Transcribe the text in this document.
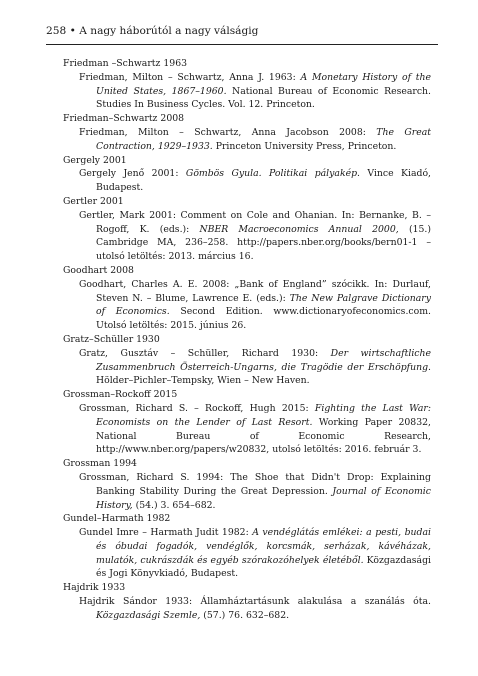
258 • A nagy háborútól a nagy válságig

Friedman –Schwartz 1963

Friedman, Milton – Schwartz, Anna J. 1963: A Monetary History of the United States, 1867–1960. National Bureau of Economic Research. Studies In Business Cycles. Vol. 12. Princeton.

Friedman–Schwartz 2008

Friedman, Milton – Schwartz, Anna Jacobson 2008: The Great Contraction, 1929–1933. Princeton University Press, Princeton.

Gergely 2001

Gergely Jenő 2001: Gömbös Gyula. Politikai pályakép. Vince Kiadó, Budapest.

Gertler 2001

Gertler, Mark 2001: Comment on Cole and Ohanian. In: Bernanke, B. – Rogoff, K. (eds.): NBER Macroeconomics Annual 2000, (15.) Cambridge MA, 236–258. http://papers.nber.org/books/bern01-1 – utolsó letöltés: 2013. március 16.

Goodhart 2008

Goodhart, Charles A. E. 2008: „Bank of England” szócikk. In: Durlauf, Steven N. – Blume, Lawrence E. (eds.): The New Palgrave Dictionary of Economics. Second Edition. www.dictionaryofeconomics.com. Utolsó letöltés: 2015. június 26.

Gratz–Schüller 1930

Gratz, Gusztáv – Schüller, Richard 1930: Der wirtschaftliche Zusammenbruch Österreich-Ungarns, die Tragödie der Erschöpfung. Hölder–Pichler–Tempsky, Wien – New Haven.

Grossman–Rockoff 2015

Grossman, Richard S. – Rockoff, Hugh 2015: Fighting the Last War: Economists on the Lender of Last Resort. Working Paper 20832, National Bureau of Economic Research, http://www.nber.org/papers/w20832, utolsó letöltés: 2016. február 3.

Grossman 1994

Grossman, Richard S. 1994: The Shoe that Didn't Drop: Explaining Banking Stability During the Great Depression. Journal of Economic History, (54.) 3. 654–682.

Gundel–Harmath 1982

Gundel Imre – Harmath Judit 1982: A vendéglátás emlékei: a pesti, budai és óbudai fogadók, vendéglők, korcsmák, serházak, kávéházak, mulatók, cukrászdák és egyéb szórakozóhelyek életéből. Közgazdasági és Jogi Könyvkiadó, Budapest.

Hajdrik 1933

Hajdrik Sándor 1933: Államháztartásunk alakulása a szanálás óta. Közgazdasági Szemle, (57.) 76. 632–682.
